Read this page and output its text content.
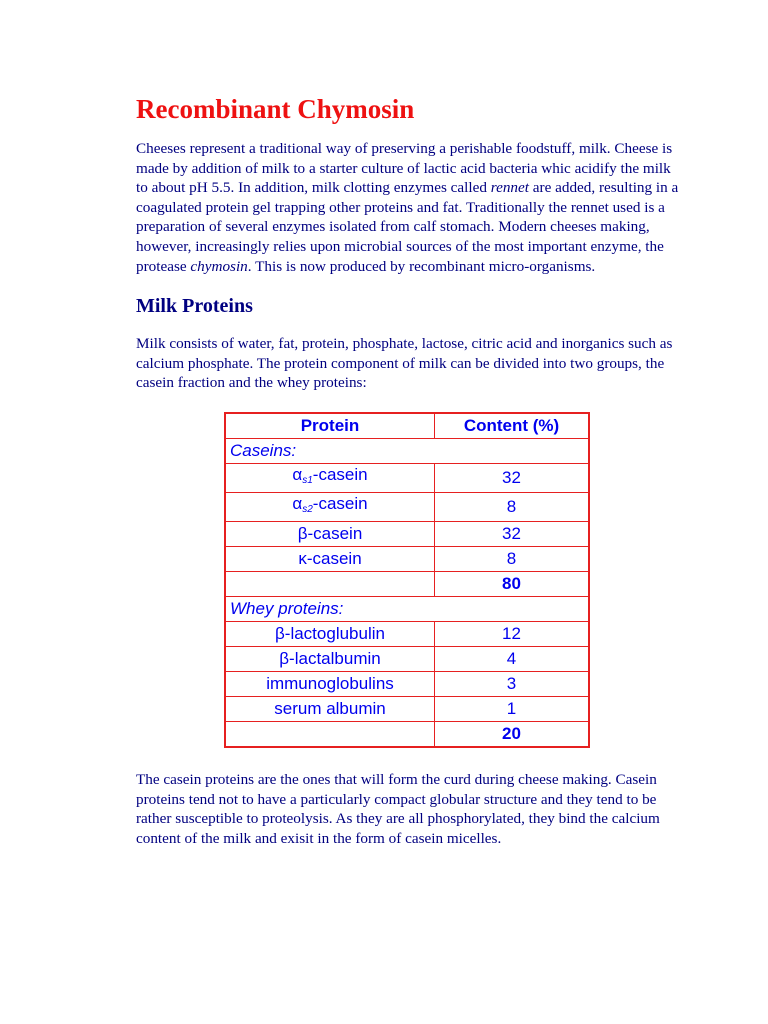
Recombinant Chymosin

Cheeses represent a traditional way of preserving a perishable foodstuff, milk. Cheese is made by addition of milk to a starter culture of lactic acid bacteria whic acidify the milk to about pH 5.5. In addition, milk clotting enzymes called rennet are added, resulting in a coagulated protein gel trapping other proteins and fat. Traditionally the rennet used is a preparation of several enzymes isolated from calf stomach. Modern cheeses making, however, increasingly relies upon microbial sources of the most important enzyme, the protease chymosin. This is now produced by recombinant micro-organisms.

Milk Proteins

Milk consists of water, fat, protein, phosphate, lactose, citric acid and inorganics such as calcium phosphate. The protein component of milk can be divided into two groups, the casein fraction and the whey proteins:

Protein	Content (%)
Caseins:	
$\alpha_{s1}$-casein	32
$\alpha_{s2}$-casein	8
β-casein	32
κ-casein	8
	80
Whey proteins:	
β-lactoglubulin	12
β-lactalbumin	4
immunoglobulins	3
serum albumin	1
	20

The casein proteins are the ones that will form the curd during cheese making. Casein proteins tend not to have a particularly compact globular structure and they tend to be rather susceptible to proteolysis. As they are all phosphorylated, they bind the calcium content of the milk and exisit in the form of casein micelles.
